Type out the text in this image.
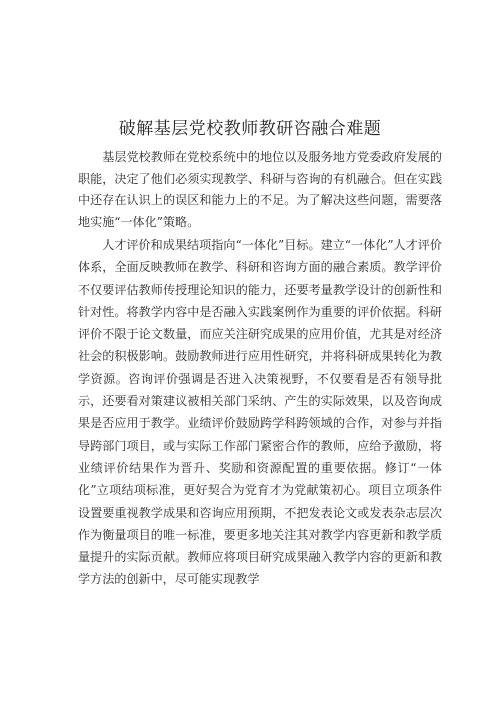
破解基层党校教师教研咨融合难题

基层党校教师在党校系统中的地位以及服务地方党委政府发展的职能，决定了他们必须实现教学、科研与咨询的有机融合。但在实践中还存在认识上的误区和能力上的不足。为了解决这些问题，需要落地实施“一体化”策略。

人才评价和成果结项指向“一体化”目标。建立“一体化”人才评价体系，全面反映教师在教学、科研和咨询方面的融合素质。教学评价不仅要评估教师传授理论知识的能力，还要考量教学设计的创新性和针对性。将教学内容中是否融入实践案例作为重要的评价依据。科研评价不限于论文数量，而应关注研究成果的应用价值，尤其是对经济社会的积极影响。鼓励教师进行应用性研究，并将科研成果转化为教学资源。咨询评价强调是否进入决策视野，不仅要看是否有领导批示，还要看对策建议被相关部门采纳、产生的实际效果，以及咨询成果是否应用于教学。业绩评价鼓励跨学科跨领域的合作，对参与并指导跨部门项目，或与实际工作部门紧密合作的教师，应给予激励，将业绩评价结果作为晋升、奖励和资源配置的重要依据。修订“一体化”立项结项标准，更好契合为党育才为党献策初心。项目立项条件设置要重视教学成果和咨询应用预期，不把发表论文或发表杂志层次作为衡量项目的唯一标准，要更多地关注其对教学内容更新和教学质量提升的实际贡献。教师应将项目研究成果融入教学内容的更新和教学方法的创新中，尽可能实现教学
